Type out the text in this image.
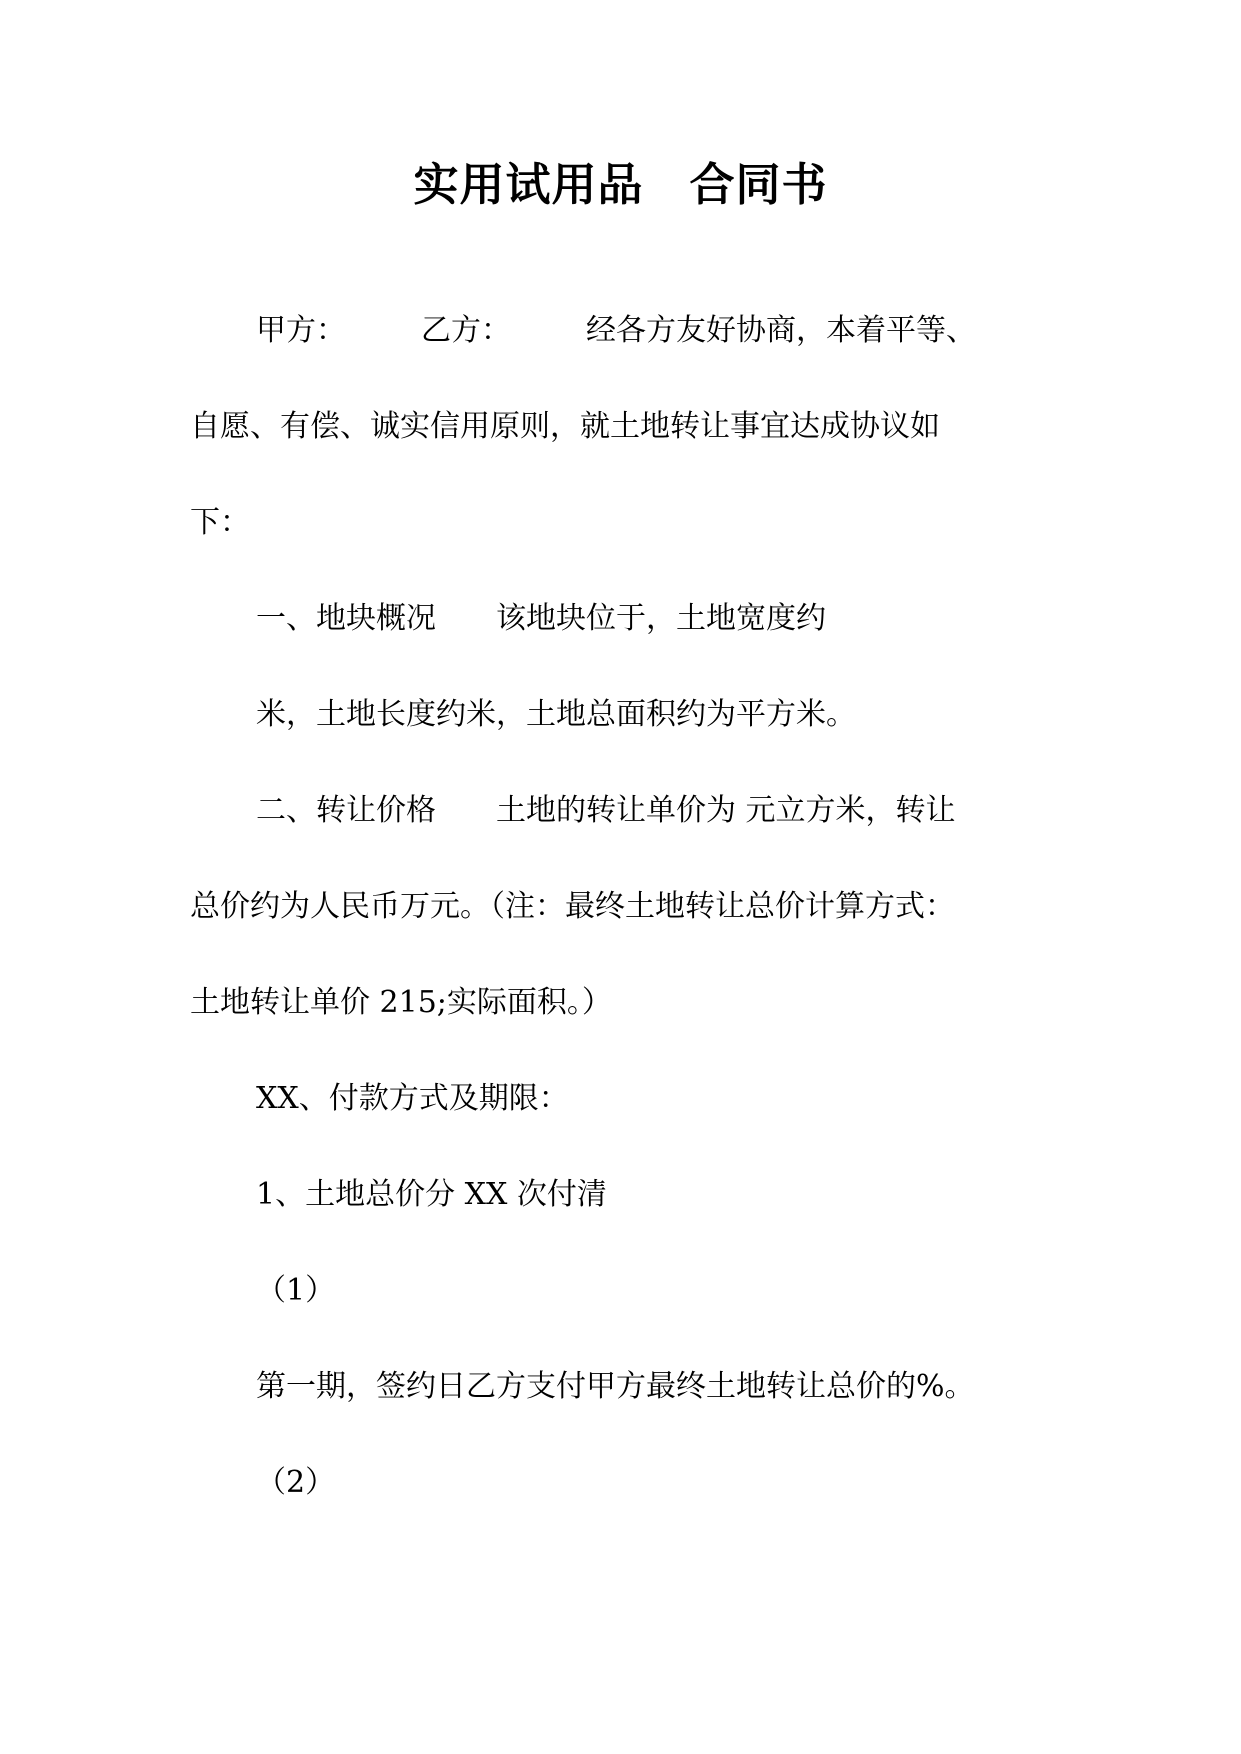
实用试用品　合同书
甲方：　　　乙方：　　　经各方友好协商，本着平等、
自愿、有偿、诚实信用原则，就土地转让事宜达成协议如
下：
一、地块概况　　该地块位于，土地宽度约
米，土地长度约米，土地总面积约为平方米。
二、转让价格　　土地的转让单价为 元立方米，转让
总价约为人民币万元。（注：最终土地转让总价计算方式：
土地转让单价 215;实际面积。）
XX、付款方式及期限：
1、土地总价分 XX 次付清
（1）
第一期，签约日乙方支付甲方最终土地转让总价的%。
（2）
